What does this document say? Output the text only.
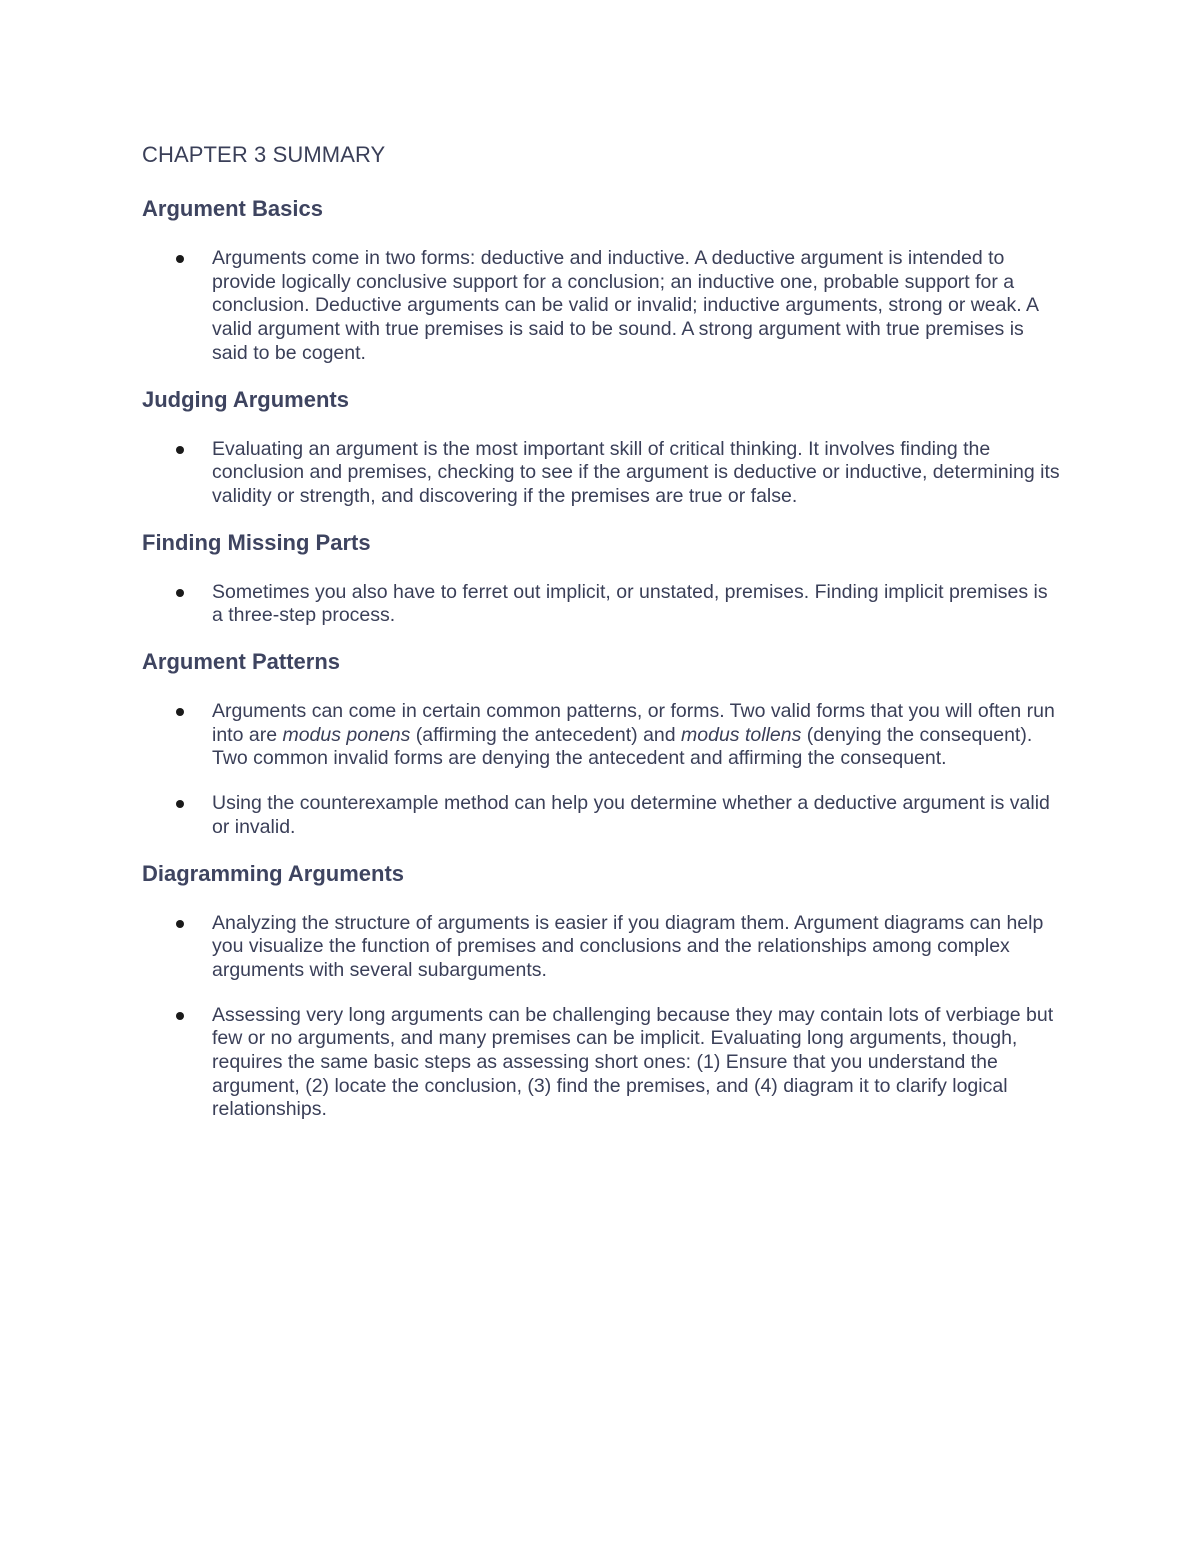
CHAPTER 3 SUMMARY
Argument Basics
Arguments come in two forms: deductive and inductive. A deductive argument is intended to provide logically conclusive support for a conclusion; an inductive one, probable support for a conclusion. Deductive arguments can be valid or invalid; inductive arguments, strong or weak. A valid argument with true premises is said to be sound. A strong argument with true premises is said to be cogent.
Judging Arguments
Evaluating an argument is the most important skill of critical thinking. It involves finding the conclusion and premises, checking to see if the argument is deductive or inductive, determining its validity or strength, and discovering if the premises are true or false.
Finding Missing Parts
Sometimes you also have to ferret out implicit, or unstated, premises. Finding implicit premises is a three-step process.
Argument Patterns
Arguments can come in certain common patterns, or forms. Two valid forms that you will often run into are modus ponens (affirming the antecedent) and modus tollens (denying the consequent). Two common invalid forms are denying the antecedent and affirming the consequent.
Using the counterexample method can help you determine whether a deductive argument is valid or invalid.
Diagramming Arguments
Analyzing the structure of arguments is easier if you diagram them. Argument diagrams can help you visualize the function of premises and conclusions and the relationships among complex arguments with several subarguments.
Assessing very long arguments can be challenging because they may contain lots of verbiage but few or no arguments, and many premises can be implicit. Evaluating long arguments, though, requires the same basic steps as assessing short ones: (1) Ensure that you understand the argument, (2) locate the conclusion, (3) find the premises, and (4) diagram it to clarify logical relationships.
